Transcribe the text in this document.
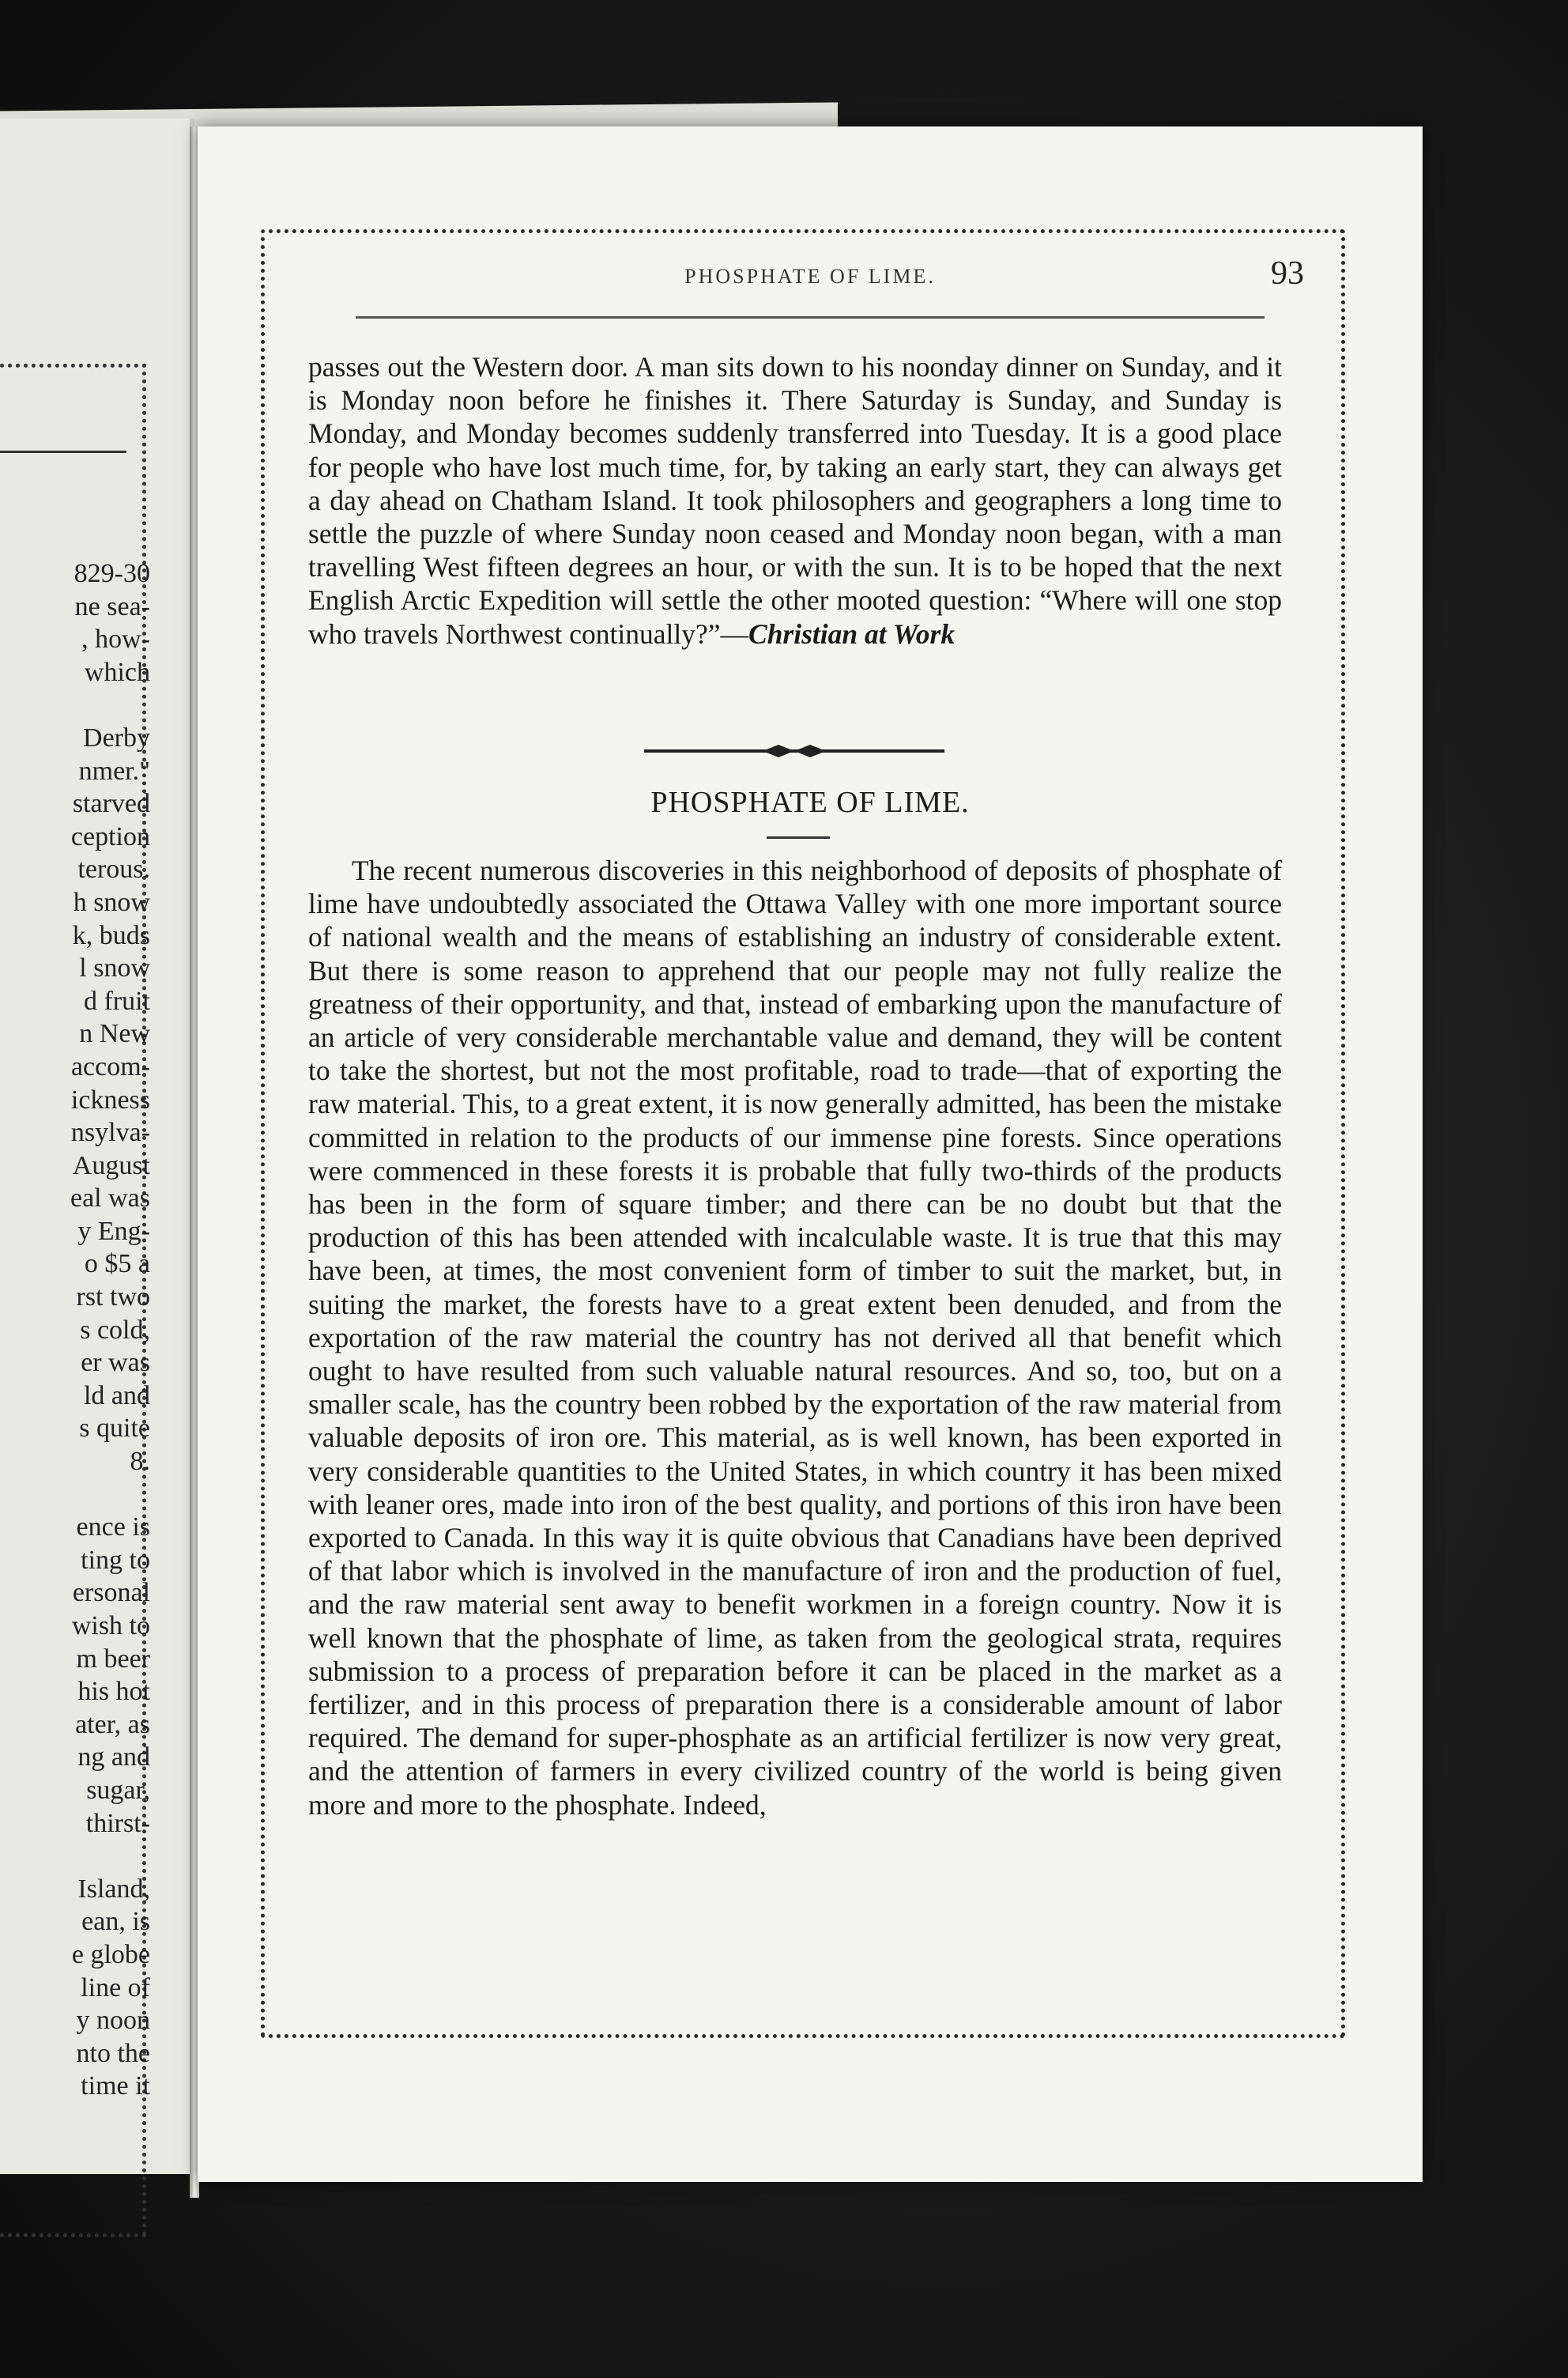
829-30
ne sea-
, how-
which
Derby
nmer."
starved
ception
terous.
h snow
k, buds
l snow
d fruit
n New
accom-
ickness
nsylva-
August
eal was
y Eng-
o $5 a
rst two
s cold,
er was
ld and
s quite
8.
ence is
ting to
ersonal
wish to
m beer
his hot
ater, as
ng and
sugar,
thirst-
Island,
ean, is
e globe
line of
y noon
nto the
time it
PHOSPHATE OF LIME.	93

passes out the Western door. A man sits down to his noonday dinner on Sunday, and it is Monday noon before he finishes it. There Saturday is Sunday, and Sunday is Monday, and Monday becomes suddenly transferred into Tuesday. It is a good place for people who have lost much time, for, by taking an early start, they can always get a day ahead on Chatham Island. It took philosophers and geographers a long time to settle the puzzle of where Sunday noon ceased and Monday noon began, with a man travelling West fifteen degrees an hour, or with the sun. It is to be hoped that the next English Arctic Expedition will settle the other mooted question: “Where will one stop who travels Northwest continually?”—Christian at Work

PHOSPHATE OF LIME.

The recent numerous discoveries in this neighborhood of deposits of phosphate of lime have undoubtedly associated the Ottawa Valley with one more important source of national wealth and the means of establishing an industry of considerable extent. But there is some reason to apprehend that our people may not fully realize the greatness of their opportunity, and that, instead of embarking upon the manufacture of an article of very considerable merchantable value and demand, they will be content to take the shortest, but not the most profitable, road to trade—that of exporting the raw material. This, to a great extent, it is now generally admitted, has been the mistake committed in relation to the products of our immense pine forests. Since operations were commenced in these forests it is probable that fully two-thirds of the products has been in the form of square timber; and there can be no doubt but that the production of this has been attended with incalculable waste. It is true that this may have been, at times, the most convenient form of timber to suit the market, but, in suiting the market, the forests have to a great extent been denuded, and from the exportation of the raw material the country has not derived all that benefit which ought to have resulted from such valuable natural resources. And so, too, but on a smaller scale, has the country been robbed by the exportation of the raw material from valuable deposits of iron ore. This material, as is well known, has been exported in very considerable quantities to the United States, in which country it has been mixed with leaner ores, made into iron of the best quality, and portions of this iron have been exported to Canada. In this way it is quite obvious that Canadians have been deprived of that labor which is involved in the manufacture of iron and the production of fuel, and the raw material sent away to benefit workmen in a foreign country. Now it is well known that the phosphate of lime, as taken from the geological strata, requires submission to a process of preparation before it can be placed in the market as a fertilizer, and in this process of preparation there is a considerable amount of labor required. The demand for super-phosphate as an artificial fertilizer is now very great, and the attention of farmers in every civilized country of the world is being given more and more to the phosphate. Indeed,
